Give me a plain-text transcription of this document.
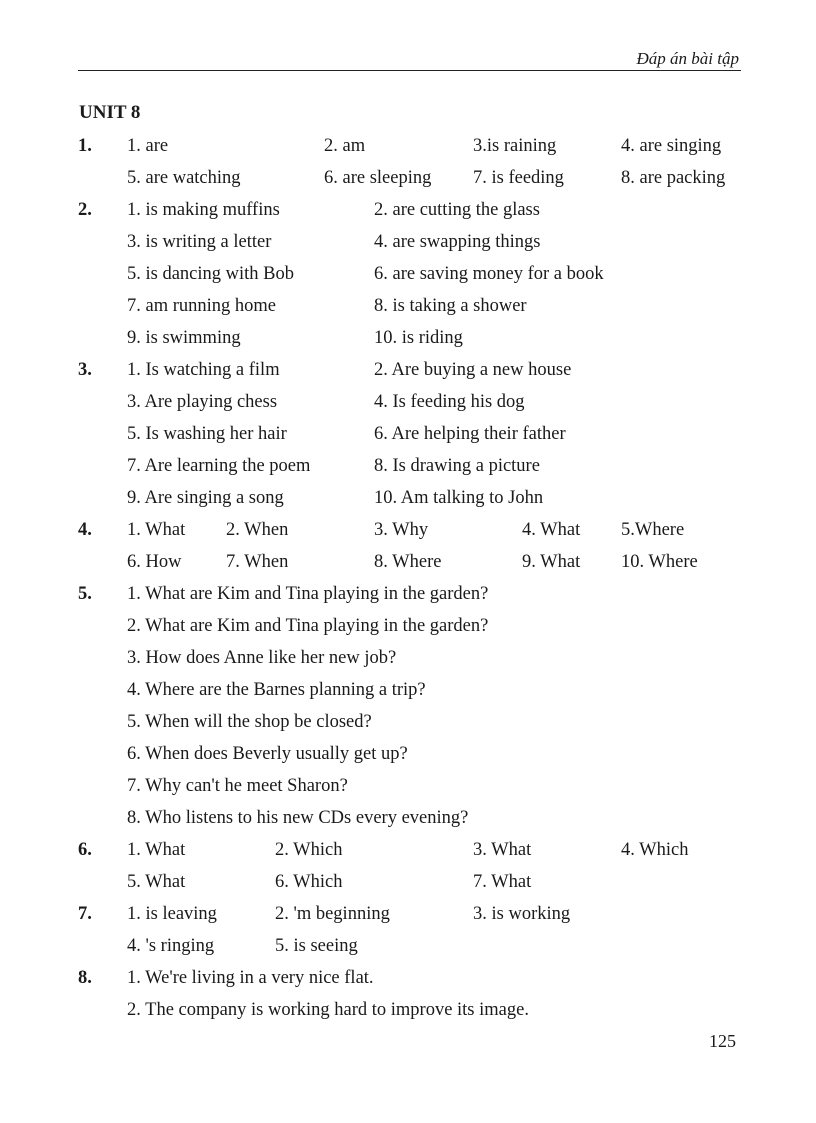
Đáp án bài tập
UNIT 8
1. 1. are	2. am	3.is raining	4. are singing
5. are watching	6. are sleeping 7. is feeding	8. are packing
2. 1. is making muffins	2. are cutting the glass
3. is writing a letter	4. are swapping things
5. is dancing with Bob	6. are saving money for a book
7. am running home	8. is taking a shower
9. is swimming	10. is riding
3. 1. Is watching a film	2. Are buying a new house
3. Are playing chess	4. Is feeding his dog
5. Is washing her hair	6. Are helping their father
7. Are learning the poem	8. Is drawing a picture
9. Are singing a song	10. Am talking to John
4. 1. What 2. When	3. Why	4. What 5.Where
6. How 7. When	8. Where	9. What 10. Where
5. 1. What are Kim and Tina playing in the garden?
2. What are Kim and Tina playing in the garden?
3. How does Anne like her new job?
4. Where are the Barnes planning a trip?
5. When will the shop be closed?
6. When does Beverly usually get up?
7. Why can't he meet Sharon?
8. Who listens to his new CDs every evening?
6. 1. What	2. Which	3. What	4. Which
5. What	6. Which	7. What
7. 1. is leaving	2. 'm beginning	3. is working
4. 's ringing	5. is seeing
8. 1. We're living in a very nice flat.
2. The company is working hard to improve its image.
125
